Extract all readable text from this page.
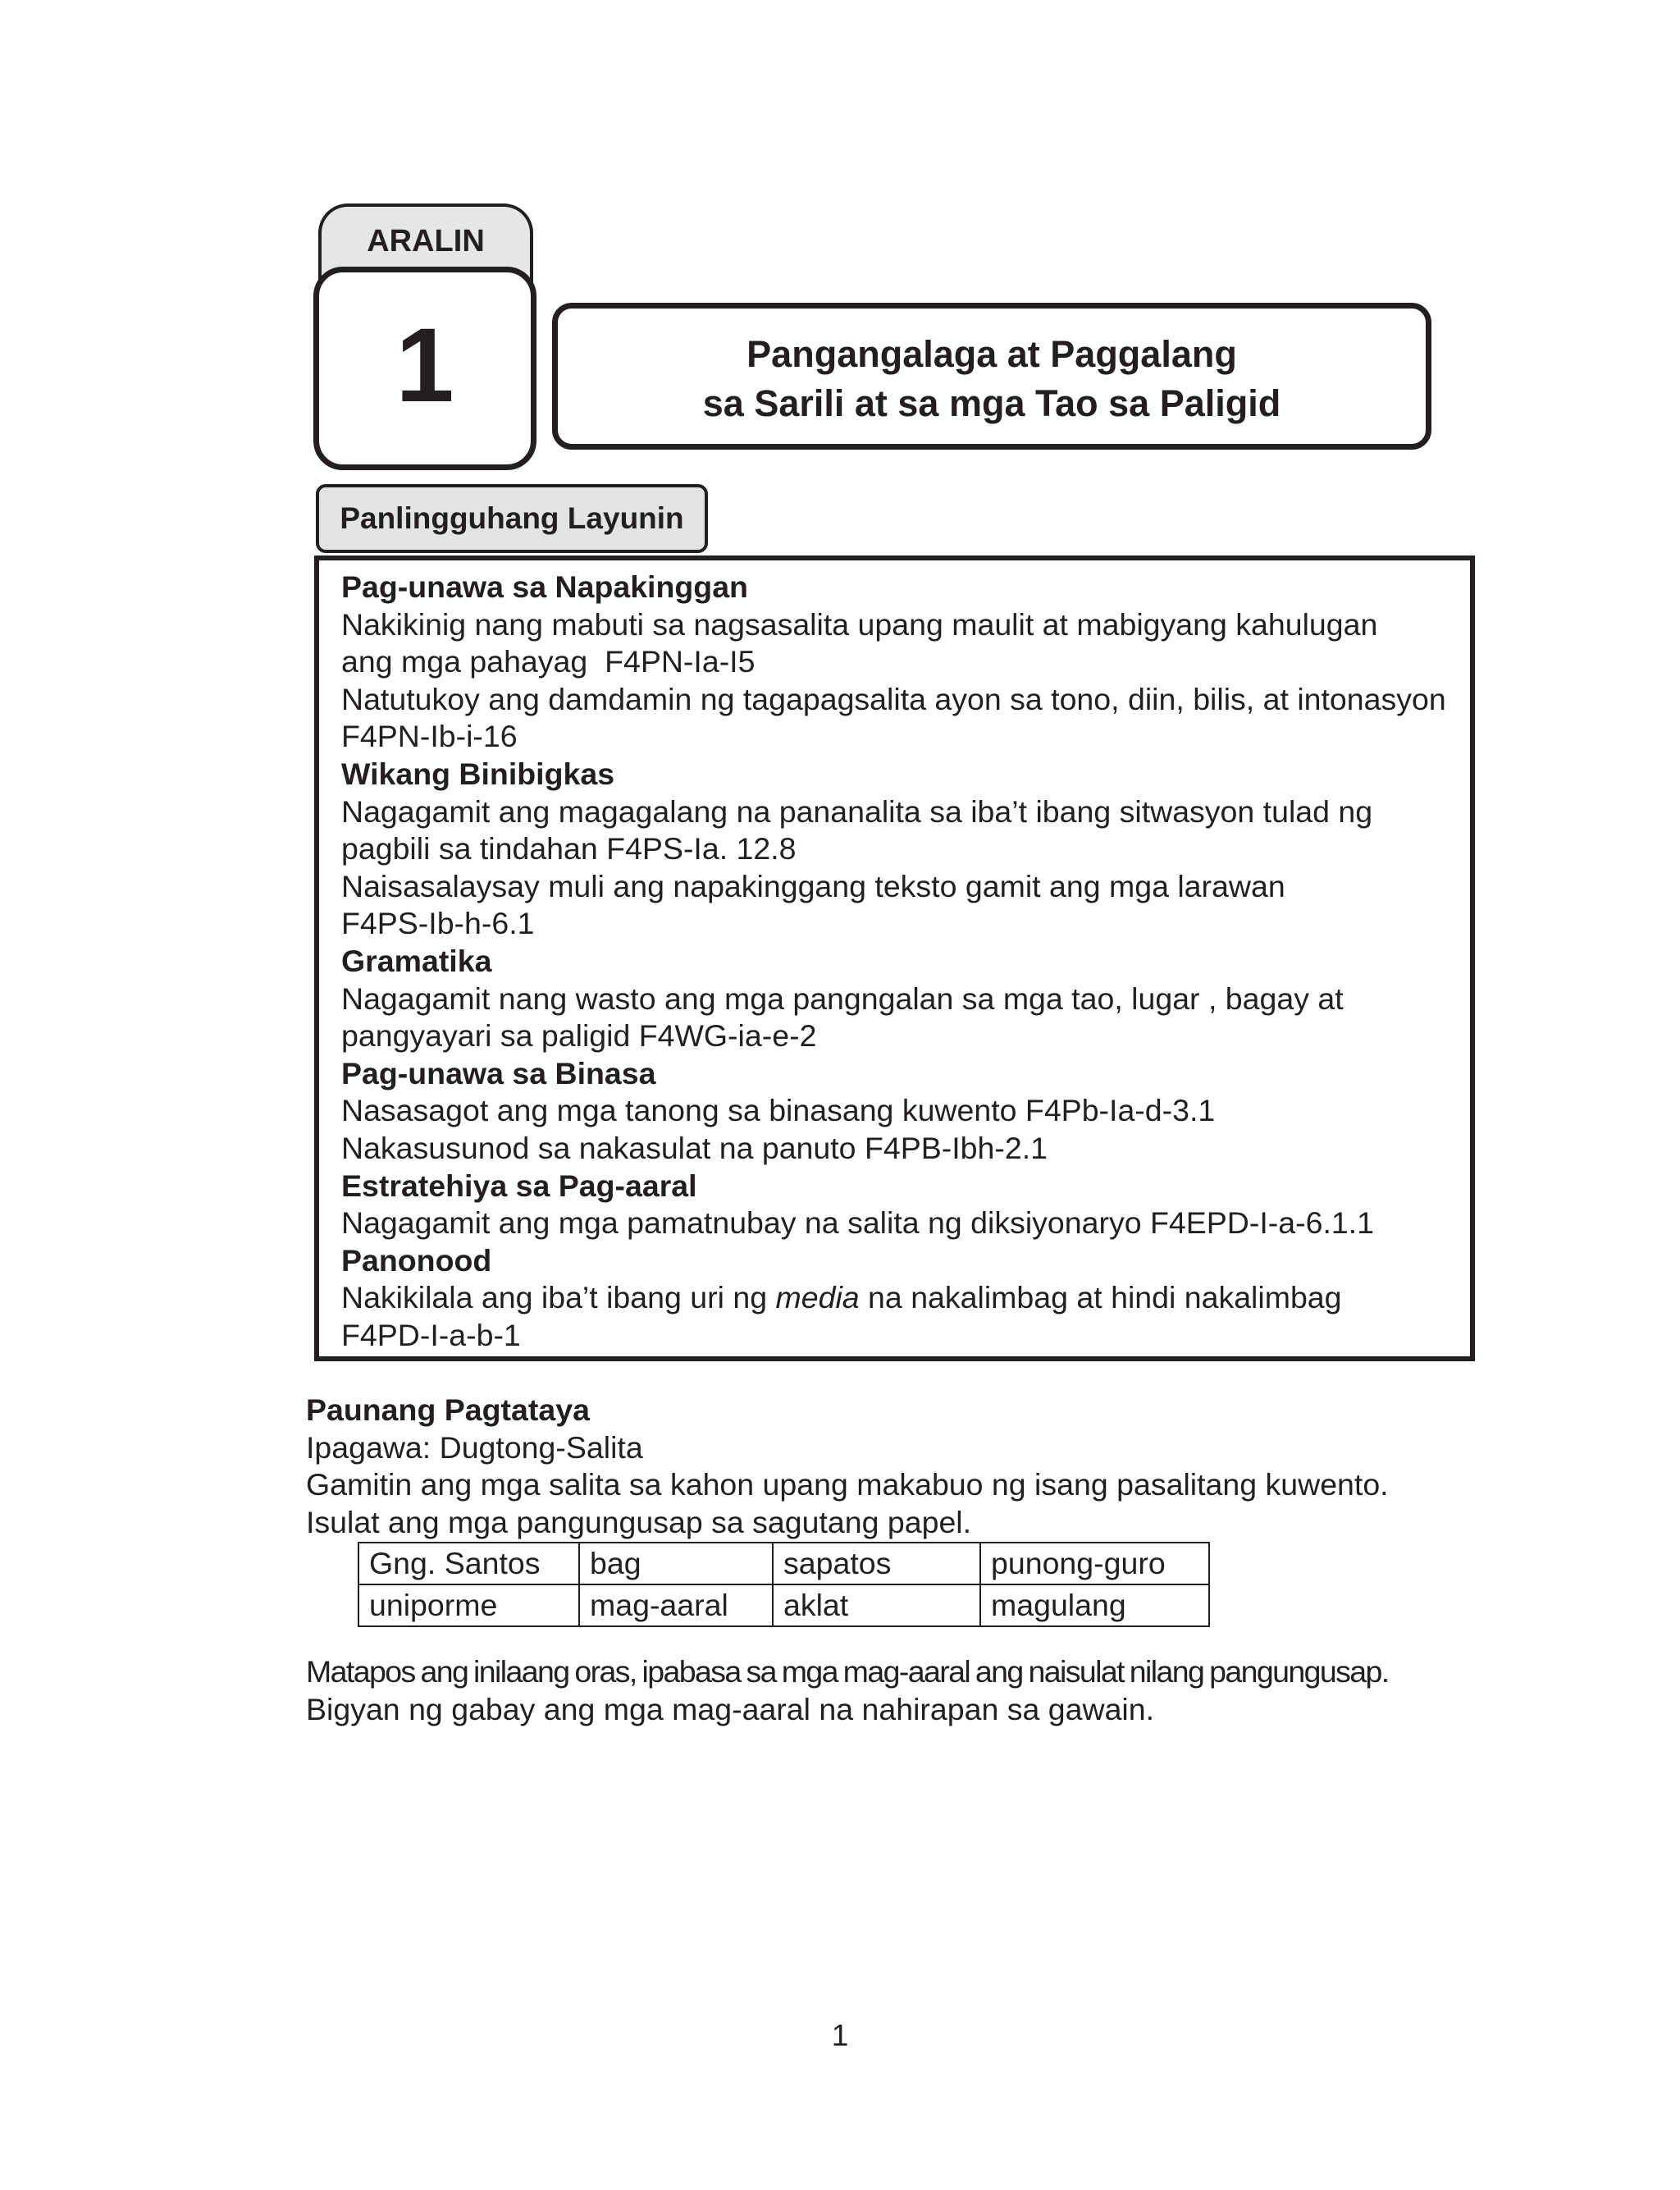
ARALIN
1	Pangangalaga at Paggalang
sa Sarili at sa mga Tao sa Paligid
Panlingguhang Layunin
Pag-unawa sa Napakinggan
Nakikinig nang mabuti sa nagsasalita upang maulit at mabigyang kahulugan
ang mga pahayag  F4PN-Ia-I5
Natutukoy ang damdamin ng tagapagsalita ayon sa tono, diin, bilis, at intonasyon
F4PN-Ib-i-16
Wikang Binibigkas
Nagagamit ang magagalang na pananalita sa iba’t ibang sitwasyon tulad ng
pagbili sa tindahan F4PS-Ia. 12.8
Naisasalaysay muli ang napakinggang teksto gamit ang mga larawan
F4PS-Ib-h-6.1
Gramatika
Nagagamit nang wasto ang mga pangngalan sa mga tao, lugar , bagay at
pangyayari sa paligid F4WG-ia-e-2
Pag-unawa sa Binasa
Nasasagot ang mga tanong sa binasang kuwento F4Pb-Ia-d-3.1
Nakasusunod sa nakasulat na panuto F4PB-Ibh-2.1
Estratehiya sa Pag-aaral
Nagagamit ang mga pamatnubay na salita ng diksiyonaryo F4EPD-I-a-6.1.1
Panonood
Nakikilala ang iba’t ibang uri ng media na nakalimbag at hindi nakalimbag
F4PD-I-a-b-1
Paunang Pagtataya
Ipagawa: Dugtong-Salita
Gamitin ang mga salita sa kahon upang makabuo ng isang pasalitang kuwento.
Isulat ang mga pangungusap sa sagutang papel.
Gng. Santos	bag	sapatos	punong-guro
uniporme	mag-aaral	aklat	magulang
Matapos ang inilaang oras, ipabasa sa mga mag-aaral ang naisulat nilang pangungusap.
Bigyan ng gabay ang mga mag-aaral na nahirapan sa gawain.
1
